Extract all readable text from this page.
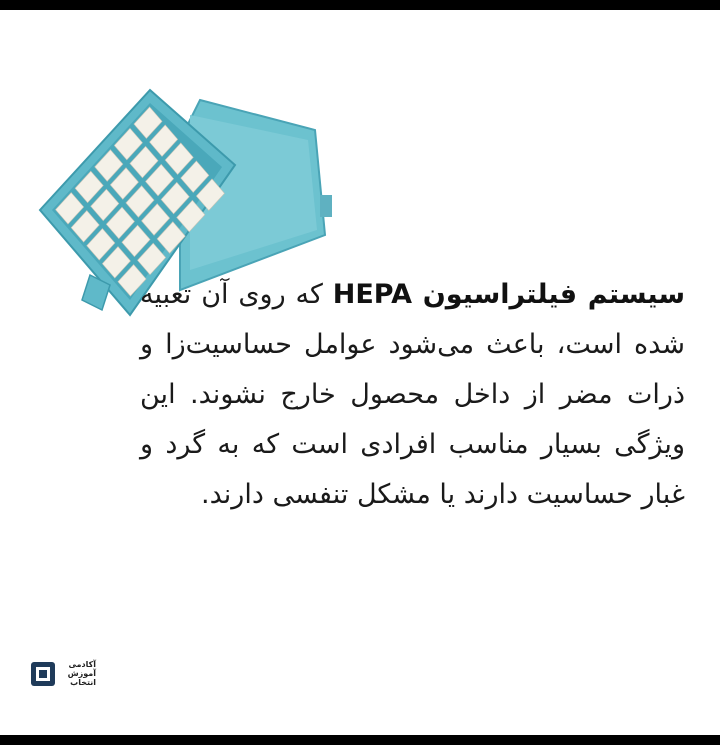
سیستم فیلتراسیون HEPA که روی آن تعبیه شده است، باعث می‌شود عوامل حساسیت‌زا و ذرات مضر از داخل محصول خارج نشوند. این ویژگی بسیار مناسب افرادی است که به گرد و غبار حساسیت دارند یا مشکل تنفسی دارند.
آکادمی
آموزش
انتخاب
